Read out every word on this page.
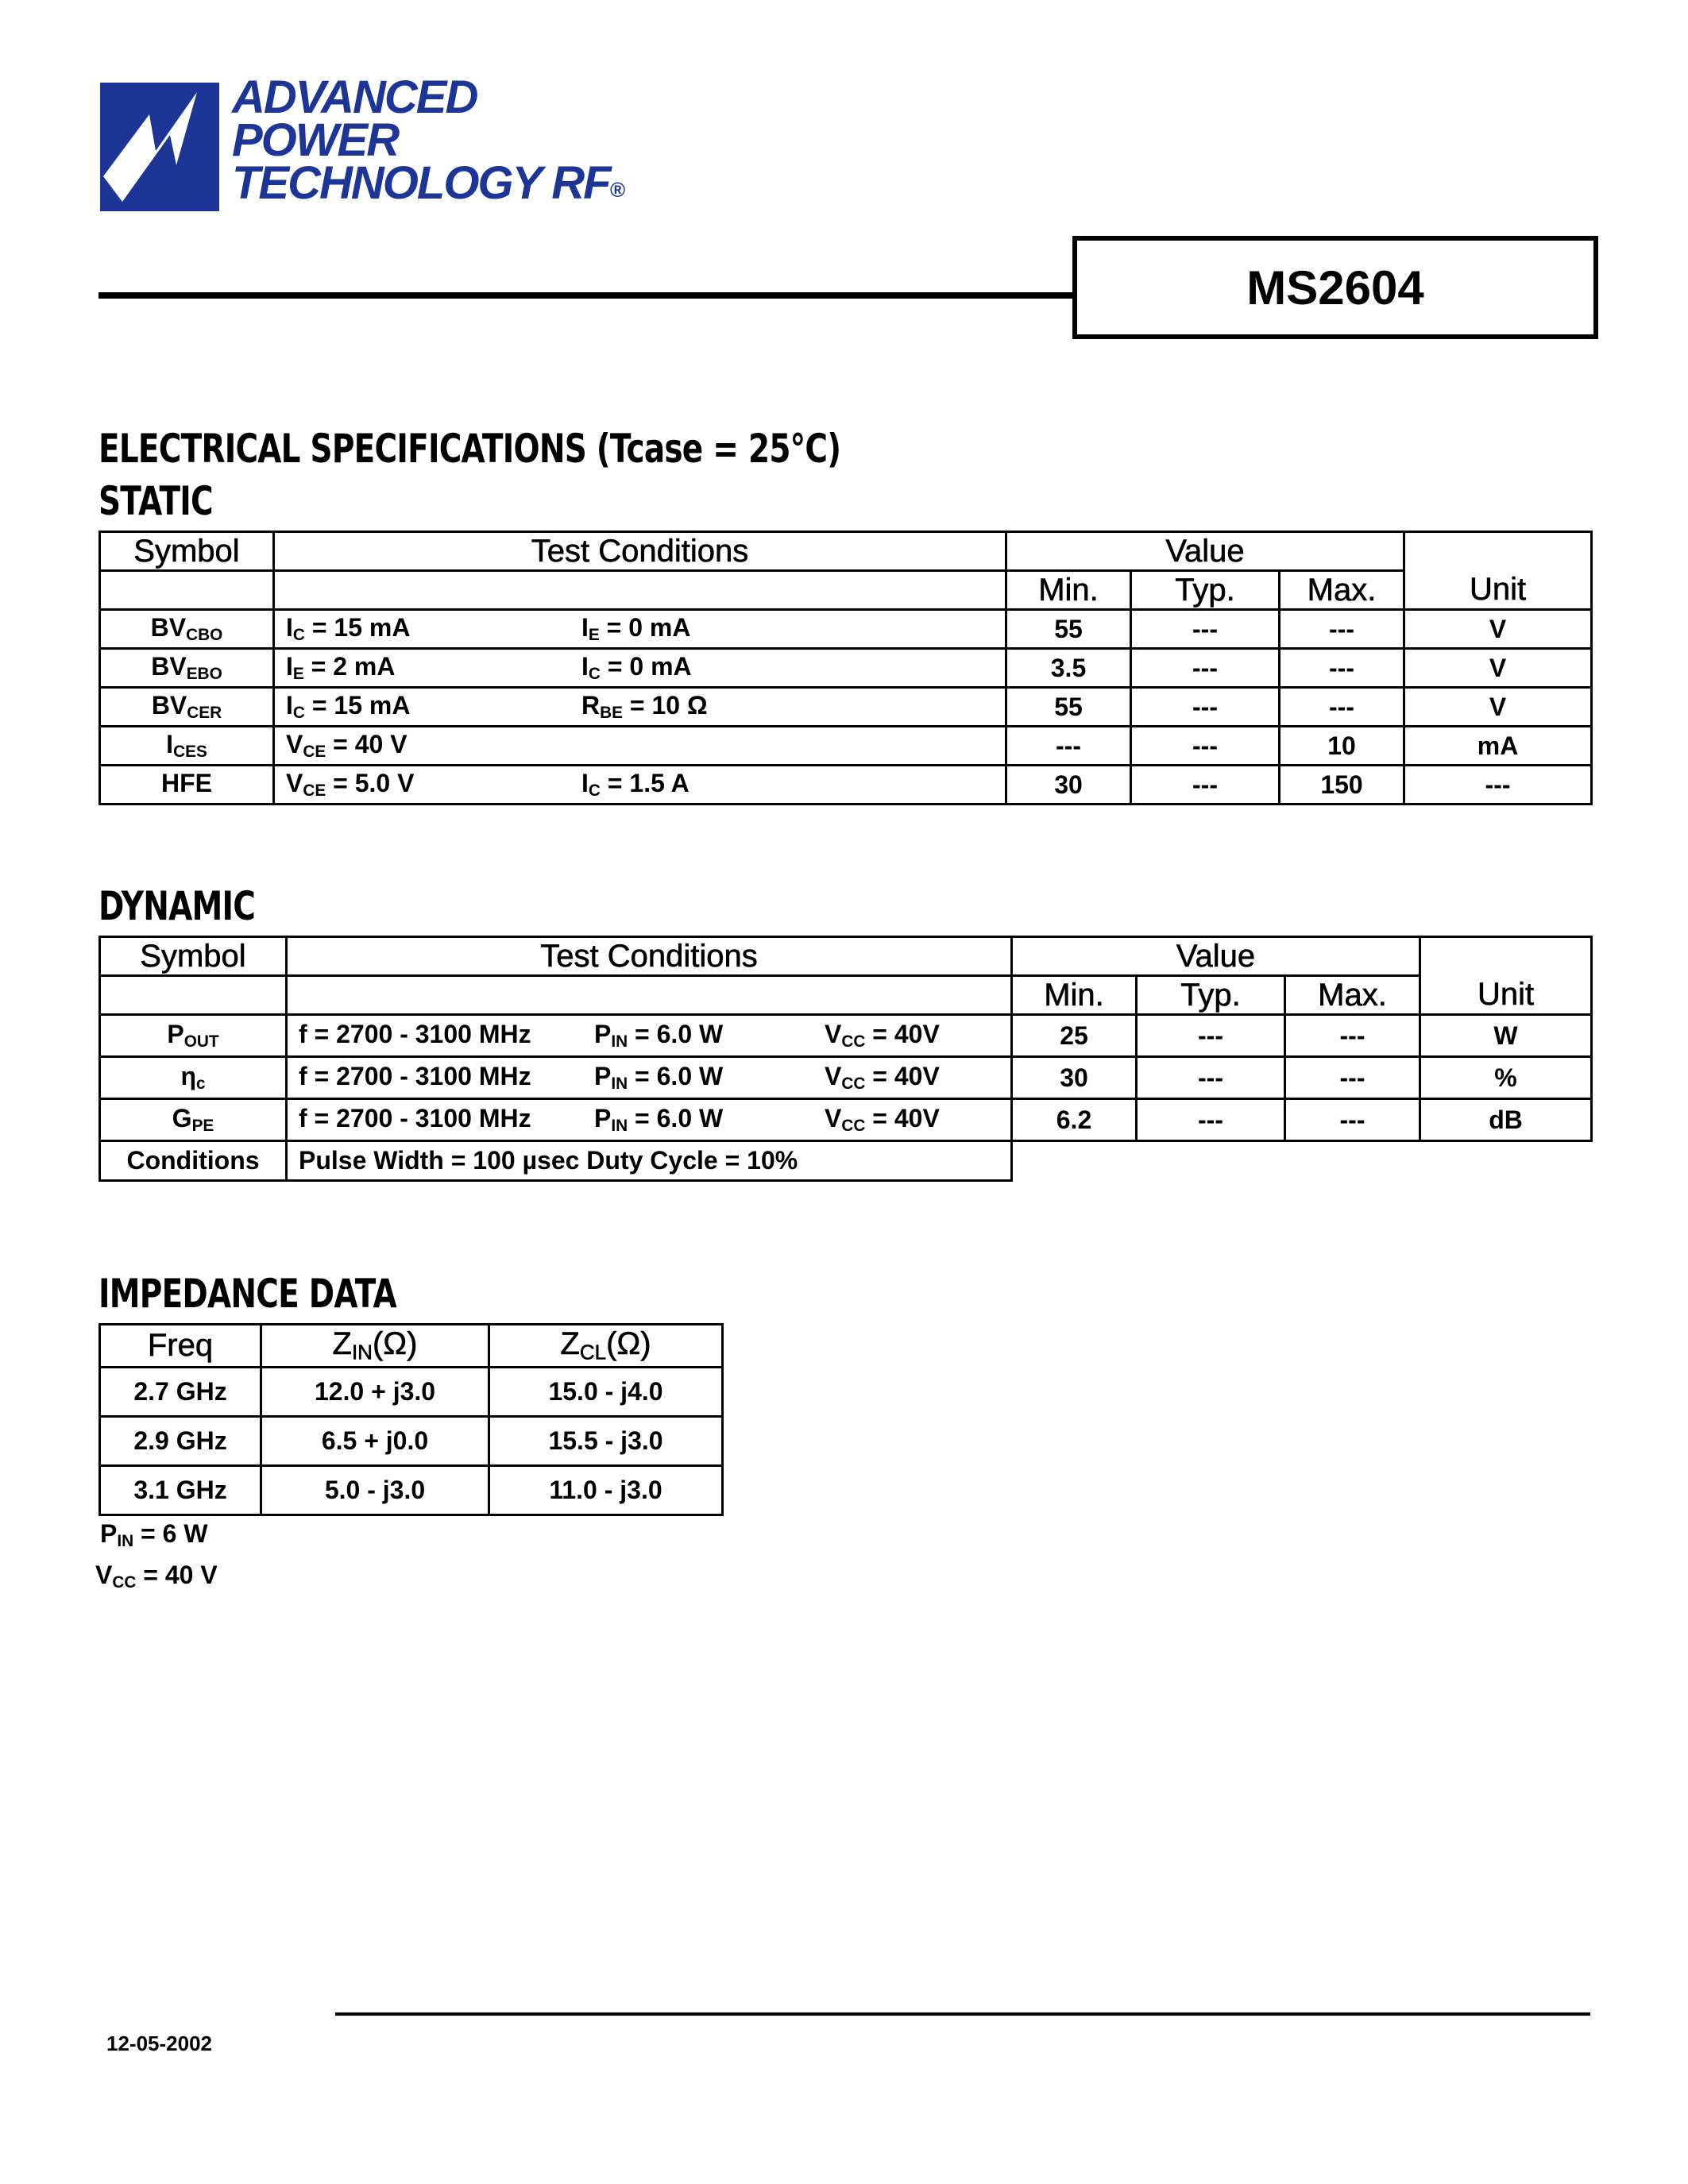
ADVANCED
POWER
TECHNOLOGY RF®
MS2604
ELECTRICAL SPECIFICATIONS (Tcase = 25°C)
STATIC
Symbol	Test Conditions	Value			
		Min.	Typ.	Max.	Unit
$BV_{CBO}$	$I_C = 15$ mA $I_E = 0$ mA	55	---	---	V
$BV_{EBO}$	$I_E = 2$ mA $I_C = 0$ mA	3.5	---	---	V
$BV_{CER}$	$I_C = 15$ mA $R_{BE} = 10$ Ω	55	---	---	V
$I_{CES}$	$V_{CE} = 40$ V	---	---	10	mA
HFE	$V_{CE} = 5.0$ V $I_C = 1.5$ A	30	---	150	---
DYNAMIC
Symbol	Test Conditions	Value			
		Min.	Typ.	Max.	Unit
$P_{OUT}$	f = 2700 - 3100 MHz $P_{IN} = 6.0$ W $V_{CC} = 40V$	25	---	---	W
$\eta_c$	f = 2700 - 3100 MHz $P_{IN} = 6.0$ W $V_{CC} = 40V$	30	---	---	%
$G_{PE}$	f = 2700 - 3100 MHz $P_{IN} = 6.0$ W $V_{CC} = 40V$	6.2	---	---	dB
Conditions	Pulse Width = 100 µsec Duty Cycle = 10%				
IMPEDANCE DATA
Freq	$Z_{IN}(\Omega)$	$Z_{CL}(\Omega)$
2.7 GHz	12.0 + j3.0	15.0 - j4.0
2.9 GHz	6.5 + j0.0	15.5 - j3.0
3.1 GHz	5.0 - j3.0	11.0 - j3.0
$P_{IN} = 6$ W
$V_{CC} = 40$ V
12-05-2002
